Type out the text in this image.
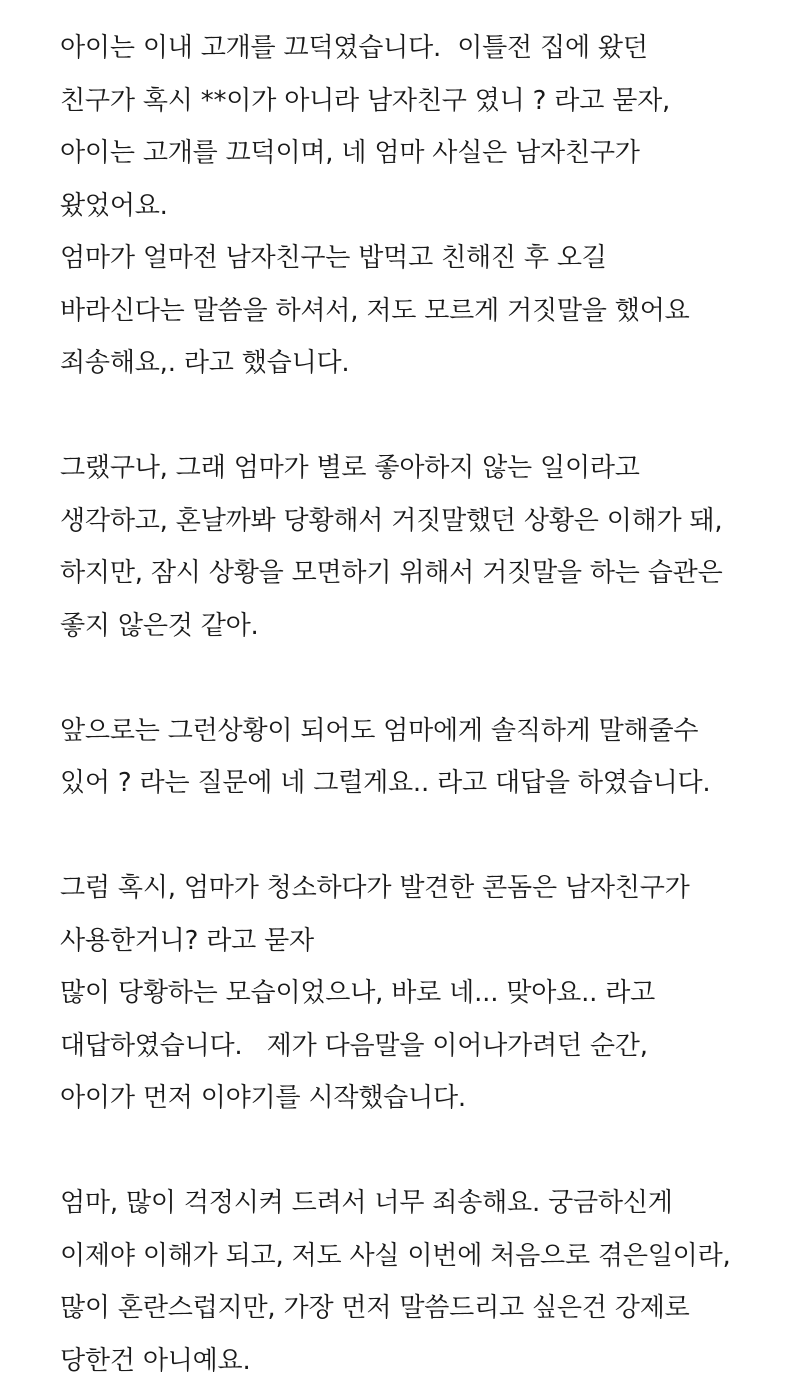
아이는 이내 고개를 끄덕였습니다.  이틀전 집에 왔던
친구가 혹시 **이가 아니라 남자친구 였니 ? 라고 묻자,
아이는 고개를 끄덕이며, 네 엄마 사실은 남자친구가
왔었어요.
엄마가 얼마전 남자친구는 밥먹고 친해진 후 오길
바라신다는 말씀을 하셔서, 저도 모르게 거짓말을 했어요
죄송해요,. 라고 했습니다.
그랬구나, 그래 엄마가 별로 좋아하지 않는 일이라고
생각하고, 혼날까봐 당황해서 거짓말했던 상황은 이해가 돼,
하지만, 잠시 상황을 모면하기 위해서 거짓말을 하는 습관은
좋지 않은것 같아.
앞으로는 그런상황이 되어도 엄마에게 솔직하게 말해줄수
있어 ? 라는 질문에 네 그럴게요.. 라고 대답을 하였습니다.
그럼 혹시, 엄마가 청소하다가 발견한 콘돔은 남자친구가
사용한거니? 라고 묻자
많이 당황하는 모습이었으나, 바로 네... 맞아요.. 라고
대답하였습니다.   제가 다음말을 이어나가려던 순간,
아이가 먼저 이야기를 시작했습니다.
엄마, 많이 걱정시켜 드려서 너무 죄송해요. 궁금하신게
이제야 이해가 되고, 저도 사실 이번에 처음으로 겪은일이라,
많이 혼란스럽지만, 가장 먼저 말씀드리고 싶은건 강제로
당한건 아니예요.
